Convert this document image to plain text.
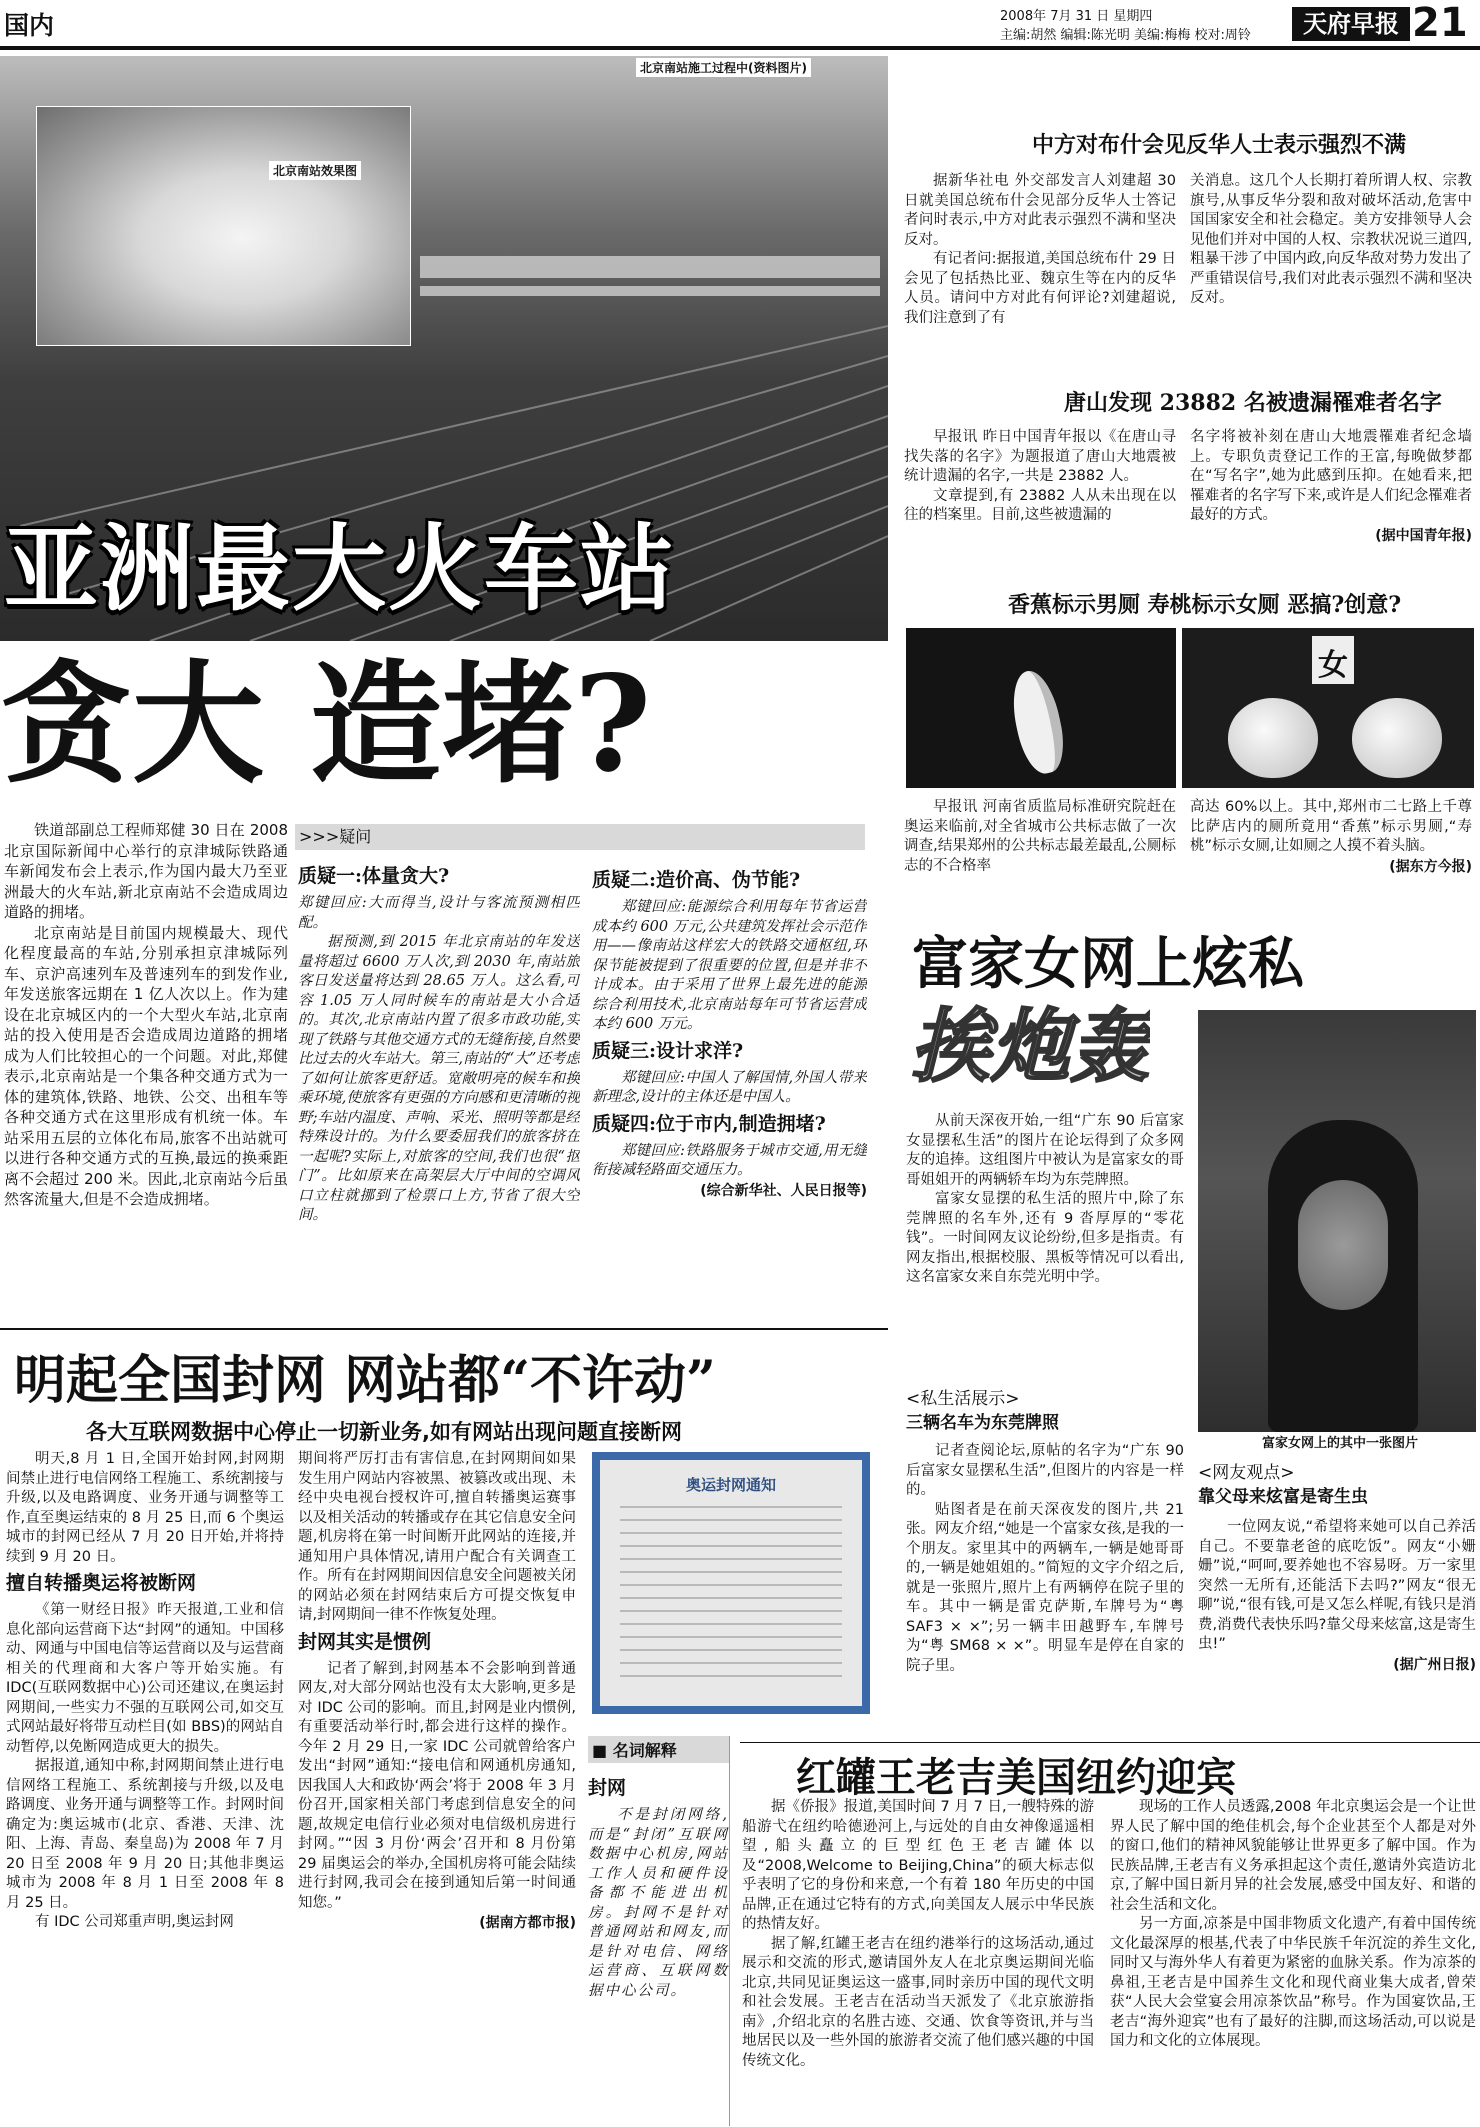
国内	2008年 7月 31 日 星期四
主编:胡然 编辑:陈光明 美编:梅梅 校对:周铃	天府早报 21
北京南站效果图
北京南站施工过程中(资料图片)
亚洲最大火车站
贪大 造堵?

铁道部副总工程师郑健 30 日在 2008 北京国际新闻中心举行的京津城际铁路通车新闻发布会上表示,作为国内最大乃至亚洲最大的火车站,新北京南站不会造成周边道路的拥堵。

北京南站是目前国内规模最大、现代化程度最高的车站,分别承担京津城际列车、京沪高速列车及普速列车的到发作业,年发送旅客远期在 1 亿人次以上。作为建设在北京城区内的一个大型火车站,北京南站的投入使用是否会造成周边道路的拥堵成为人们比较担心的一个问题。对此,郑健表示,北京南站是一个集各种交通方式为一体的建筑体,铁路、地铁、公交、出租车等各种交通方式在这里形成有机统一体。车站采用五层的立体化布局,旅客不出站就可以进行各种交通方式的互换,最远的换乘距离不会超过 200 米。因此,北京南站今后虽然客流量大,但是不会造成拥堵。

>>>疑问
质疑一:体量贪大?

郑键回应:大而得当,设计与客流预测相匹配。

据预测,到 2015 年北京南站的年发送量将超过 6600 万人次,到 2030 年,南站旅客日发送量将达到 28.65 万人。这么看,可容 1.05 万人同时候车的南站是大小合适的。其次,北京南站内置了很多市政功能,实现了铁路与其他交通方式的无缝衔接,自然要比过去的火车站大。第三,南站的“大”还考虑了如何让旅客更舒适。宽敞明亮的候车和换乘环境,使旅客有更强的方向感和更清晰的视野;车站内温度、声响、采光、照明等都是经特殊设计的。为什么要委屈我们的旅客挤在一起呢?实际上,对旅客的空间,我们也很“抠门”。比如原来在高架层大厅中间的空调风口立柱就挪到了检票口上方,节省了很大空间。

质疑二:造价高、伪节能?

郑键回应:能源综合利用每年节省运营成本约 600 万元,公共建筑发挥社会示范作用——像南站这样宏大的铁路交通枢纽,环保节能被提到了很重要的位置,但是并非不计成本。由于采用了世界上最先进的能源综合利用技术,北京南站每年可节省运营成本约 600 万元。

质疑三:设计求洋?

郑键回应:中国人了解国情,外国人带来新理念,设计的主体还是中国人。

质疑四:位于市内,制造拥堵?

郑键回应:铁路服务于城市交通,用无缝衔接减轻路面交通压力。

(综合新华社、人民日报等)
中方对布什会见反华人士表示强烈不满

据新华社电 外交部发言人刘建超 30 日就美国总统布什会见部分反华人士答记者问时表示,中方对此表示强烈不满和坚决反对。

有记者问:据报道,美国总统布什 29 日会见了包括热比亚、魏京生等在内的反华人员。请问中方对此有何评论?刘建超说,我们注意到了有

关消息。这几个人长期打着所谓人权、宗教旗号,从事反华分裂和敌对破坏活动,危害中国国家安全和社会稳定。美方安排领导人会见他们并对中国的人权、宗教状况说三道四,粗暴干涉了中国内政,向反华敌对势力发出了严重错误信号,我们对此表示强烈不满和坚决反对。

唐山发现 23882 名被遗漏罹难者名字

早报讯 昨日中国青年报以《在唐山寻找失落的名字》为题报道了唐山大地震被统计遗漏的名字,一共是 23882 人。

文章提到,有 23882 人从未出现在以往的档案里。目前,这些被遗漏的

名字将被补刻在唐山大地震罹难者纪念墙上。专职负责登记工作的王富,每晚做梦都在“写名字”,她为此感到压抑。在她看来,把罹难者的名字写下来,或许是人们纪念罹难者最好的方式。

(据中国青年报)
香蕉标示男厕 寿桃标示女厕 恶搞?创意?
女

早报讯 河南省质监局标准研究院赶在奥运来临前,对全省城市公共标志做了一次调查,结果郑州的公共标志最差最乱,公厕标志的不合格率

高达 60%以上。其中,郑州市二七路上千尊比萨店内的厕所竟用“香蕉”标示男厕,“寿桃”标示女厕,让如厕之人摸不着头脑。

(据东方今报)
富家女网上炫私
挨炮轰

从前天深夜开始,一组“广东 90 后富家女显摆私生活”的图片在论坛得到了众多网友的追捧。这组图片中被认为是富家女的哥哥姐姐开的两辆轿车均为东莞牌照。

富家女显摆的私生活的照片中,除了东莞牌照的名车外,还有 9 沓厚厚的“零花钱”。一时间网友议论纷纷,但多是指责。有网友指出,根据校服、黑板等情况可以看出,这名富家女来自东莞光明中学。

富家女网上的其中一张图片
<私生活展示>
三辆名车为东莞牌照

记者查阅论坛,原帖的名字为“广东 90 后富家女显摆私生活”,但图片的内容是一样的。

贴图者是在前天深夜发的图片,共 21 张。网友介绍,“她是一个富家女孩,是我的一个朋友。家里其中的两辆车,一辆是她哥哥的,一辆是她姐姐的。”简短的文字介绍之后,就是一张照片,照片上有两辆停在院子里的车。其中一辆是雷克萨斯,车牌号为“粤 SAF3 × ×”;另一辆丰田越野车,车牌号为“粤 SM68 × ×”。明显车是停在自家的院子里。

<网友观点>
靠父母来炫富是寄生虫

一位网友说,“希望将来她可以自己养活自己。不要靠老爸的底吃饭”。网友“小姗姗”说,“呵呵,要养她也不容易呀。万一家里突然一无所有,还能活下去吗?”网友“很无聊”说,“很有钱,可是又怎么样呢,有钱只是消费,消费代表快乐吗?靠父母来炫富,这是寄生虫!”

(据广州日报)
明起全国封网 网站都“不许动”
各大互联网数据中心停止一切新业务,如有网站出现问题直接断网

明天,8 月 1 日,全国开始封网,封网期间禁止进行电信网络工程施工、系统割接与升级,以及电路调度、业务开通与调整等工作,直至奥运结束的 8 月 25 日,而 6 个奥运城市的封网已经从 7 月 20 日开始,并将持续到 9 月 20 日。

擅自转播奥运将被断网

《第一财经日报》昨天报道,工业和信息化部向运营商下达“封网”的通知。中国移动、网通与中国电信等运营商以及与运营商相关的代理商和大客户等开始实施。有 IDC(互联网数据中心)公司还建议,在奥运封网期间,一些实力不强的互联网公司,如交互式网站最好将带互动栏目(如 BBS)的网站自动暂停,以免断网造成更大的损失。

据报道,通知中称,封网期间禁止进行电信网络工程施工、系统割接与升级,以及电路调度、业务开通与调整等工作。封网时间确定为:奥运城市(北京、香港、天津、沈阳、上海、青岛、秦皇岛)为 2008 年 7 月 20 日至 2008 年 9 月 20 日;其他非奥运城市为 2008 年 8 月 1 日至 2008 年 8 月 25 日。

有 IDC 公司郑重声明,奥运封网

期间将严厉打击有害信息,在封网期间如果发生用户网站内容被黑、被篡改或出现、未经中央电视台授权许可,擅自转播奥运赛事以及相关活动的转播或存在其它信息安全问题,机房将在第一时间断开此网站的连接,并通知用户具体情况,请用户配合有关调查工作。所有在封网期间因信息安全问题被关闭的网站必须在封网结束后方可提交恢复申请,封网期间一律不作恢复处理。

封网其实是惯例

记者了解到,封网基本不会影响到普通网友,对大部分网站也没有太大影响,更多是对 IDC 公司的影响。而且,封网是业内惯例,有重要活动举行时,都会进行这样的操作。今年 2 月 29 日,一家 IDC 公司就曾给客户发出“封网”通知:“接电信和网通机房通知,因我国人大和政协‘两会’将于 2008 年 3 月份召开,国家相关部门考虑到信息安全的问题,故规定电信行业必须对电信级机房进行封网。”“因 3 月份‘两会’召开和 8 月份第 29 届奥运会的举办,全国机房将可能会陆续进行封网,我司会在接到通知后第一时间通知您。”

(据南方都市报)
奥运封网通知
■ 名词解释
封网

不是封闭网络,而是“封闭”互联网数据中心机房,网站工作人员和硬件设备都不能进出机房。封网不是针对普通网站和网友,而是针对电信、网络运营商、互联网数据中心公司。

红罐王老吉美国纽约迎宾

据《侨报》报道,美国时间 7 月 7 日,一艘特殊的游船游弋在纽约哈德逊河上,与远处的自由女神像遥遥相望,船头矗立的巨型红色王老吉罐体以及“2008,Welcome to Beijing,China”的硕大标志似乎表明了它的身份和来意,一个有着 180 年历史的中国品牌,正在通过它特有的方式,向美国友人展示中华民族的热情友好。

据了解,红罐王老吉在纽约港举行的这场活动,通过展示和交流的形式,邀请国外友人在北京奥运期间光临北京,共同见证奥运这一盛事,同时亲历中国的现代文明和社会发展。王老吉在活动当天派发了《北京旅游指南》,介绍北京的名胜古迹、交通、饮食等资讯,并与当地居民以及一些外国的旅游者交流了他们感兴趣的中国传统文化。

现场的工作人员透露,2008 年北京奥运会是一个让世界人民了解中国的绝佳机会,每个企业甚至个人都是对外的窗口,他们的精神风貌能够让世界更多了解中国。作为民族品牌,王老吉有义务承担起这个责任,邀请外宾造访北京,了解中国日新月异的社会发展,感受中国友好、和谐的社会生活和文化。

另一方面,凉茶是中国非物质文化遗产,有着中国传统文化最深厚的根基,代表了中华民族千年沉淀的养生文化,同时又与海外华人有着更为紧密的血脉关系。作为凉茶的鼻祖,王老吉是中国养生文化和现代商业集大成者,曾荣获“人民大会堂宴会用凉茶饮品”称号。作为国宴饮品,王老吉“海外迎宾”也有了最好的注脚,而这场活动,可以说是国力和文化的立体展现。
